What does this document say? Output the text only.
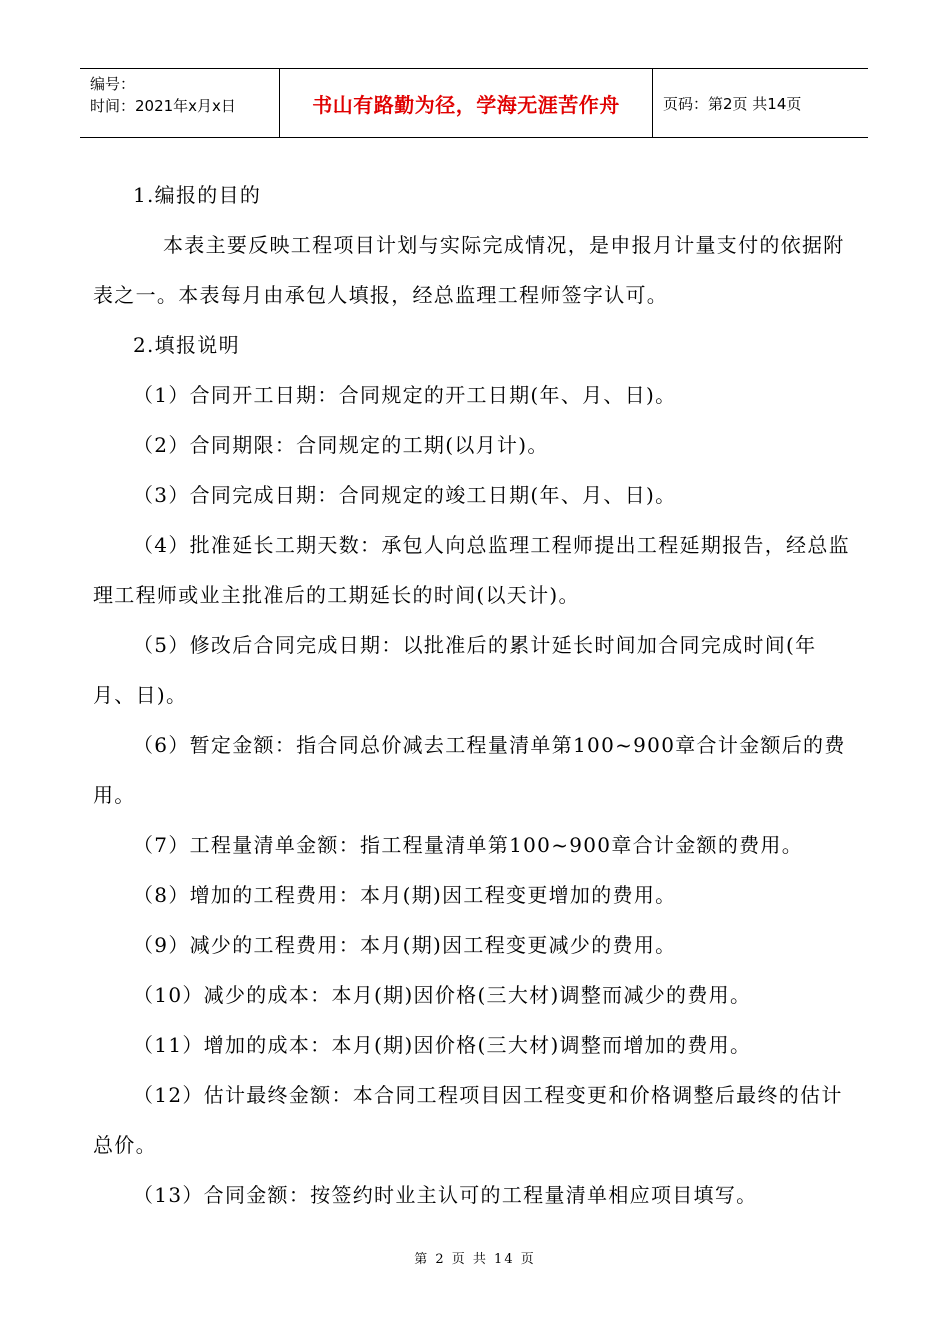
编号：
时间：2021年x月x日	书山有路勤为径，学海无涯苦作舟	页码：第2页 共14页

1.编报的目的

本表主要反映工程项目计划与实际完成情况，是申报月计量支付的依据附表之一。本表每月由承包人填报，经总监理工程师签字认可。

2.填报说明

（1）合同开工日期：合同规定的开工日期(年、月、日)。

（2）合同期限：合同规定的工期(以月计)。

（3）合同完成日期：合同规定的竣工日期(年、月、日)。

（4）批准延长工期天数：承包人向总监理工程师提出工程延期报告，经总监理工程师或业主批准后的工期延长的时间(以天计)。

（5）修改后合同完成日期：以批准后的累计延长时间加合同完成时间(年月、日)。

（6）暂定金额：指合同总价减去工程量清单第100~900章合计金额后的费用。

（7）工程量清单金额：指工程量清单第100~900章合计金额的费用。

（8）增加的工程费用：本月(期)因工程变更增加的费用。

（9）减少的工程费用：本月(期)因工程变更减少的费用。

（10）减少的成本：本月(期)因价格(三大材)调整而减少的费用。

（11）增加的成本：本月(期)因价格(三大材)调整而增加的费用。

（12）估计最终金额：本合同工程项目因工程变更和价格调整后最终的估计总价。

（13）合同金额：按签约时业主认可的工程量清单相应项目填写。

第 2 页 共 14 页
